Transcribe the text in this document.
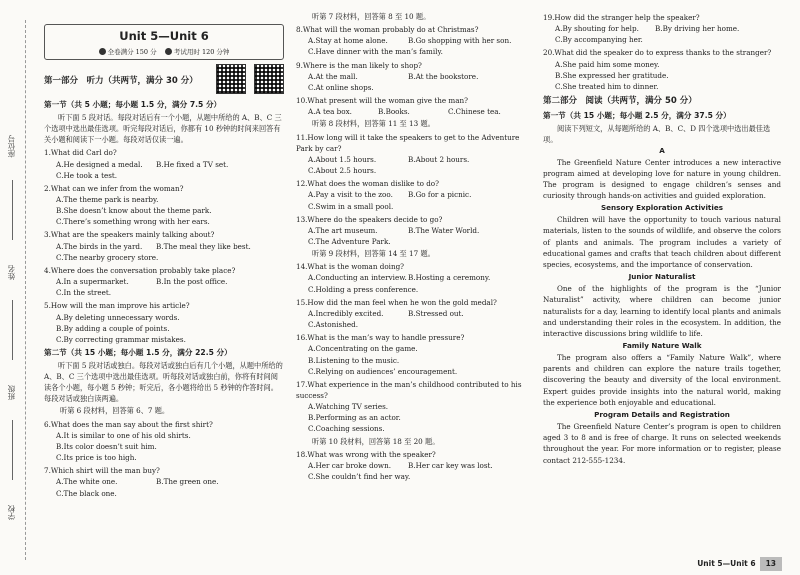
座位号
姓名
班级
学校
Unit 5—Unit 6
全卷满分 150 分	考试用时 120 分钟
第一部分　听力（共两节，满分 30 分）

第一节（共 5 小题；每小题 1.5 分，满分 7.5 分）
听下面 5 段对话。每段对话后有一个小题，从题中所给的 A、B、C 三个选项中选出最佳选项。听完每段对话后，你都有 10 秒钟的时间来回答有关小题和阅读下一小题。每段对话仅读一遍。
1.What did Carl do?
A.He designed a medal.	B.He fixed a TV set.
C.He took a test.
2.What can we infer from the woman?
A.The theme park is nearby.
B.She doesn’t know about the theme park.
C.There’s something wrong with her ears.
3.What are the speakers mainly talking about?
A.The birds in the yard.	B.The meal they like best.
C.The nearby grocery store.
4.Where does the conversation probably take place?
A.In a supermarket.	B.In the post office.
C.In the street.
5.How will the man improve his article?
A.By deleting unnecessary words.
B.By adding a couple of points.
C.By correcting grammar mistakes.
第二节（共 15 小题；每小题 1.5 分，满分 22.5 分）
听下面 5 段对话或独白。每段对话或独白后有几个小题，从题中所给的 A、B、C 三个选项中选出最佳选项。听每段对话或独白前，你将有时间阅读各个小题，每小题 5 秒钟；听完后，各小题将给出 5 秒钟的作答时间。每段对话或独白读两遍。
听第 6 段材料，回答第 6、7 题。
6.What does the man say about the first shirt?
A.It is similar to one of his old shirts.
B.Its color doesn’t suit him.
C.Its price is too high.
7.Which shirt will the man buy?
A.The white one.	B.The green one.
C.The black one.
听第 7 段材料，回答第 8 至 10 题。
8.What will the woman probably do at Christmas?
A.Stay at home alone.	B.Go shopping with her son.
C.Have dinner with the man’s family.
9.Where is the man likely to shop?
A.At the mall.	B.At the bookstore.
C.At online shops.
10.What present will the woman give the man?
A.A tea box.	B.Books.	C.Chinese tea.
听第 8 段材料，回答第 11 至 13 题。
11.How long will it take the speakers to get to the Adventure Park by car?
A.About 1.5 hours.	B.About 2 hours.
C.About 2.5 hours.
12.What does the woman dislike to do?
A.Pay a visit to the zoo.	B.Go for a picnic.
C.Swim in a small pool.
13.Where do the speakers decide to go?
A.The art museum.	B.The Water World.
C.The Adventure Park.
听第 9 段材料，回答第 14 至 17 题。
14.What is the woman doing?
A.Conducting an interview. B.Hosting a ceremony.
C.Holding a press conference.
15.How did the man feel when he won the gold medal?
A.Incredibly excited.	B.Stressed out.
C.Astonished.
16.What is the man’s way to handle pressure?
A.Concentrating on the game.
B.Listening to the music.
C.Relying on audiences’ encouragement.
17.What experience in the man’s childhood contributed to his success?
A.Watching TV series.
B.Performing as an actor.
C.Coaching sessions.
听第 10 段材料，回答第 18 至 20 题。
18.What was wrong with the speaker?
A.Her car broke down.	B.Her car key was lost.
C.She couldn’t find her way.
19.How did the stranger help the speaker?
A.By shouting for help.	B.By driving her home.
C.By accompanying her.
20.What did the speaker do to express thanks to the stranger?
A.She paid him some money.
B.She expressed her gratitude.
C.She treated him to dinner.
第二部分　阅读（共两节，满分 50 分）
第一节（共 15 小题；每小题 2.5 分，满分 37.5 分）
阅读下列短文，从每题所给的 A、B、C、D 四个选项中选出最佳选项。
A
The Greenfield Nature Center introduces a new interactive program aimed at developing love for nature in young children. The program is designed to engage children’s senses and curiosity through hands-on activities and guided exploration.
Sensory Exploration Activities
Children will have the opportunity to touch various natural materials, listen to the sounds of wildlife, and observe the colors of plants and animals. The program includes a variety of educational games and crafts that teach children about different species, ecosystems, and the importance of conservation.
Junior Naturalist
One of the highlights of the program is the “Junior Naturalist” activity, where children can become junior naturalists for a day, learning to identify local plants and animals and understanding their roles in the ecosystem. In addition, the interactive discussions bring wildlife to life.
Family Nature Walk
The program also offers a “Family Nature Walk”, where parents and children can explore the nature trails together, discovering the beauty and diversity of the local environment. Expert guides provide insights into the natural world, making the experience both enjoyable and educational.
Program Details and Registration
The Greenfield Nature Center’s program is open to children aged 3 to 8 and is free of charge. It runs on selected weekends throughout the year. For more information or to register, please contact 212-555-1234.
Unit 5—Unit 6	13
